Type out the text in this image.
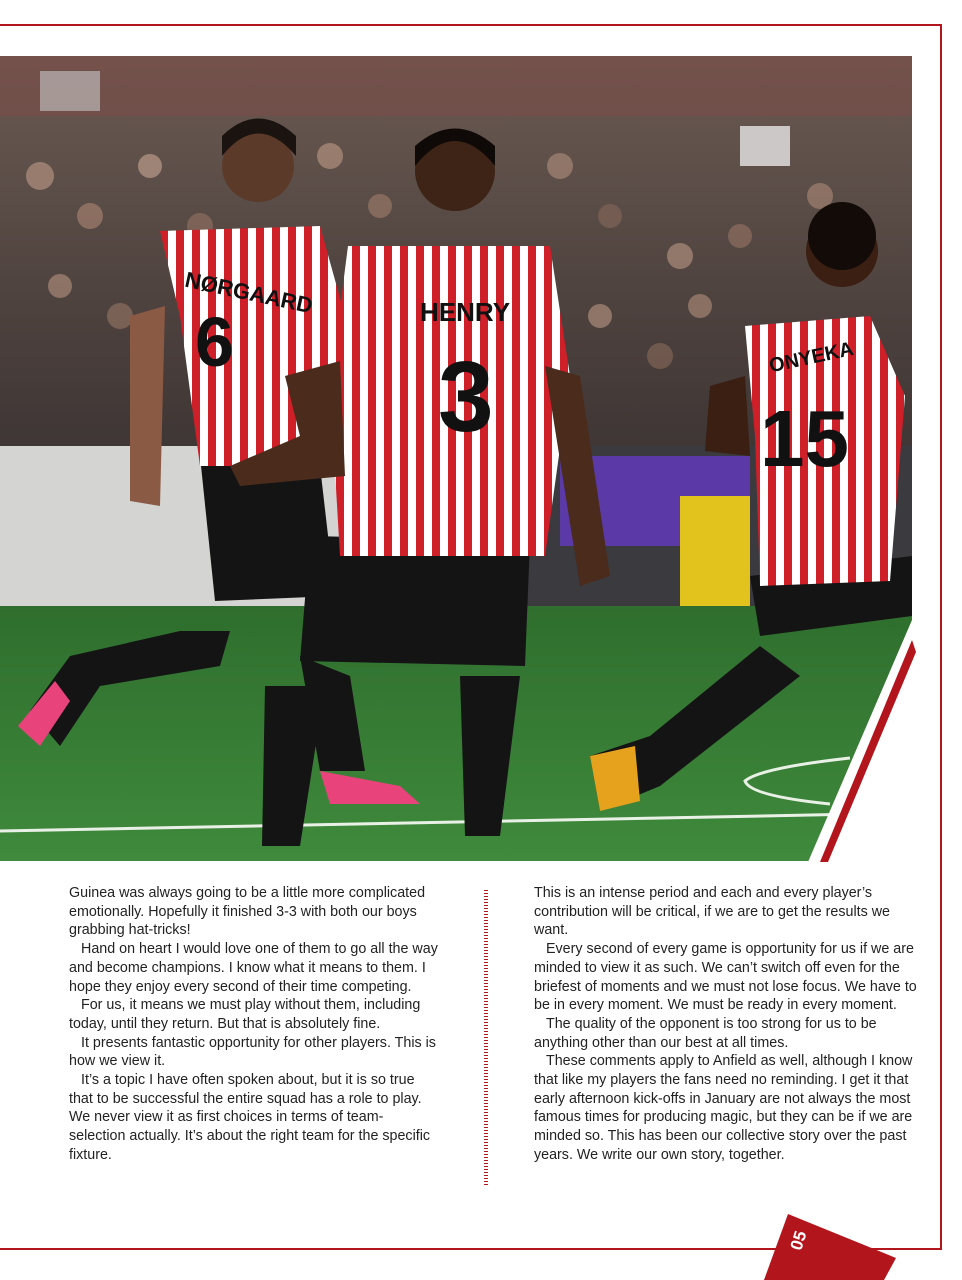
NØRGAARD
6	HENRY
3	ONYEKA
15

Guinea was always going to be a little more complicated emotionally. Hopefully it finished 3-3 with both our boys grabbing hat-tricks!

Hand on heart I would love one of them to go all the way and become champions. I know what it means to them. I hope they enjoy every second of their time competing.

For us, it means we must play without them, including today, until they return. But that is absolutely fine.

It presents fantastic opportunity for other players. This is how we view it.

It’s a topic I have often spoken about, but it is so true that to be successful the entire squad has a role to play. We never view it as first choices in terms of team-selection actually. It’s about the right team for the specific fixture.

This is an intense period and each and every player’s contribution will be critical, if we are to get the results we want.

Every second of every game is opportunity for us if we are minded to view it as such. We can’t switch off even for the briefest of moments and we must not lose focus. We have to be in every moment. We must be ready in every moment.

The quality of the opponent is too strong for us to be anything other than our best at all times.

These comments apply to Anfield as well, although I know that like my players the fans need no reminding. I get it that early afternoon kick-offs in January are not always the most famous times for producing magic, but they can be if we are minded so. This has been our collective story over the past years. We write our own story, together.

05
